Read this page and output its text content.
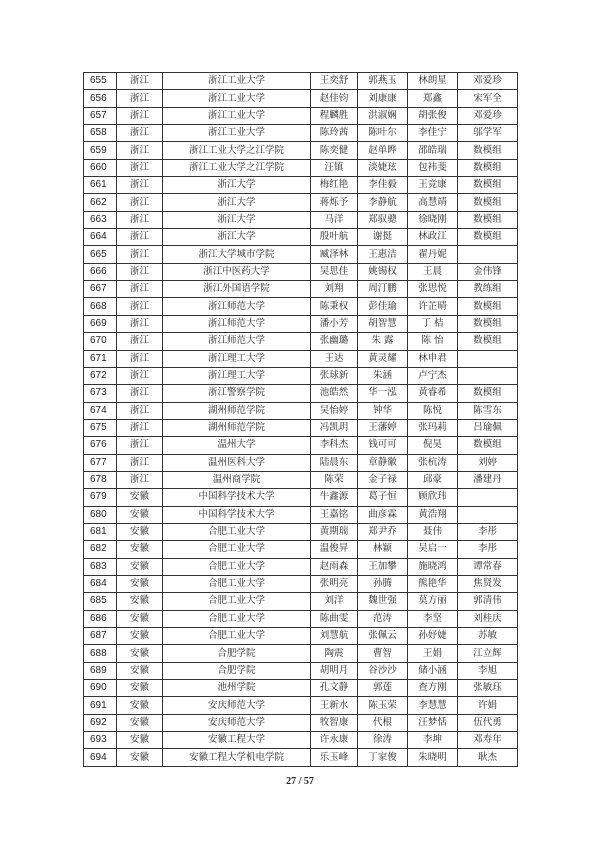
655	浙江	浙江工业大学	王奕舒	郭燕玉	林朗星	邓爱珍
656	浙江	浙江工业大学	赵佳钧	刘康康	郑鑫	宋军全
657	浙江	浙江工业大学	程麟胜	洪淑娴	胡张俊	邓爱珍
658	浙江	浙江工业大学	陈玲茜	陈叶尔	李佳宁	邬学军
659	浙江	浙江工业大学之江学院	陈奕健	赵单晔	邵皓瑞	数模组
660	浙江	浙江工业大学之江学院	汪镇	淡婕玹	包祎斐	数模组
661	浙江	浙江大学	梅红艳	李佳毅	王竞康	数模组
662	浙江	浙江大学	蒋烁予	李静航	高慧靖	数模组
663	浙江	浙江大学	马洋	郑驭骢	徐晓刚	数模组
664	浙江	浙江大学	殷叶航	谢挺	林政江	数模组
665	浙江	浙江大学城市学院	臧泽林	王惠洁	翟丹妮	
666	浙江	浙江中医药大学	吴思佳	姚锡权	王晨	金伟锋
667	浙江	浙江外国语学院	刘翔	周汀鹏	张思悦	教练组
668	浙江	浙江师范大学	陈秉权	彭佳瑜	许芷晴	数模组
669	浙江	浙江师范大学	潘小芳	胡智慧	丁 桔	数模组
670	浙江	浙江师范大学	张幽璐	朱 露	陈 怡	数模组
671	浙江	浙江理工大学	王达	黄灵耀	林申君	
672	浙江	浙江理工大学	张球新	朱涵	卢宁杰	
673	浙江	浙江警察学院	池皓然	华一泓	黄睿希	数模组
674	浙江	湖州师范学院	吴怡婷	钟华	陈悦	陈雪东
675	浙江	湖州师范学院	冯凯玥	王藩婷	张玛莉	吕瑜佩
676	浙江	温州大学	李科杰	钱可可	倪昊	数模组
677	浙江	温州医科大学	陆晨东	章静徽	张杭涛	刘婷
678	浙江	温州商学院	陈荣	金子禄	邱豪	潘建丹
679	安徽	中国科学技术大学	牛鑫源	葛子恒	顾欣玮	
680	安徽	中国科学技术大学	王嘉铭	曲彦霖	黄浩翔	
681	安徽	合肥工业大学	黄期瑞	郑尹乔	聂伟	李彤
682	安徽	合肥工业大学	温俊昇	林颖	吴启一	李彤
683	安徽	合肥工业大学	赵雨森	王加攀	施晓鸿	谭常春
684	安徽	合肥工业大学	张明亮	孙腾	熊艳华	焦贤发
685	安徽	合肥工业大学	刘洋	魏世强	莫方丽	郭清伟
686	安徽	合肥工业大学	陈曲雯	范涛	李坚	刘桂庆
687	安徽	合肥工业大学	刘慧航	张佩云	孙妤婕	苏敏
688	安徽	合肥学院	陶震	曹智	王娟	江立辉
689	安徽	合肥学院	胡明月	谷沙沙	储小涵	李旭
690	安徽	池州学院	孔文静	郭莲	查方刚	张敏珏
691	安徽	安庆师范大学	王新水	陈玉荣	李慧慧	许娟
692	安徽	安庆师范大学	牧智康	代根	汪梦恬	伍代勇
693	安徽	安徽工程大学	许永康	徐涛	李坤	邓寿年
694	安徽	安徽工程大学机电学院	乐玉峰	丁家俊	朱晓明	耿杰
27 / 57
